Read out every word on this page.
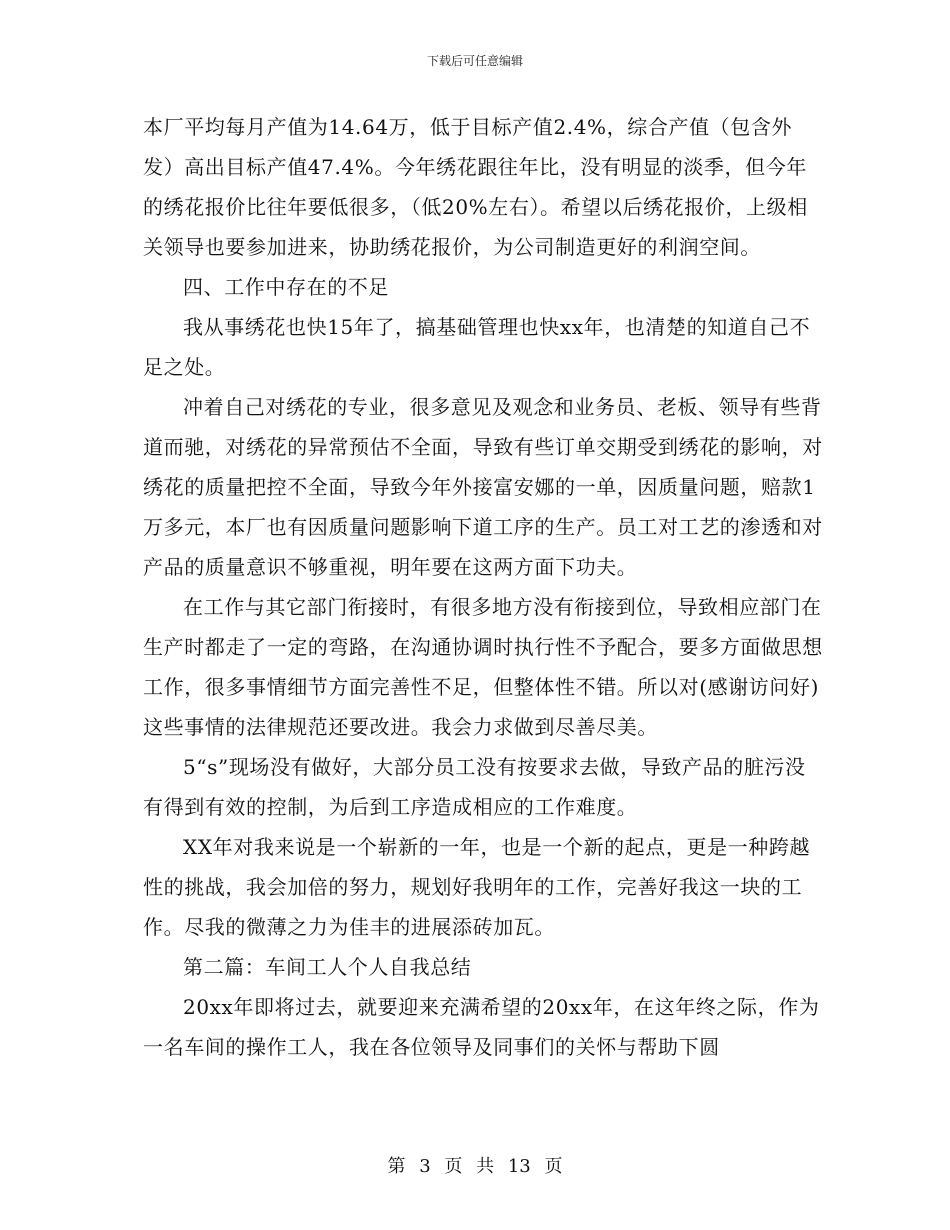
下载后可任意编辑

本厂平均每月产值为14.64万，低于目标产值2.4%，综合产值（包含外发）高出目标产值47.4%。今年绣花跟往年比，没有明显的淡季，但今年的绣花报价比往年要低很多，（低20%左右）。希望以后绣花报价，上级相关领导也要参加进来，协助绣花报价，为公司制造更好的利润空间。

四、工作中存在的不足

我从事绣花也快15年了，搞基础管理也快xx年，也清楚的知道自己不足之处。

冲着自己对绣花的专业，很多意见及观念和业务员、老板、领导有些背道而驰，对绣花的异常预估不全面，导致有些订单交期受到绣花的影响，对绣花的质量把控不全面，导致今年外接富安娜的一单，因质量问题，赔款1万多元，本厂也有因质量问题影响下道工序的生产。员工对工艺的渗透和对产品的质量意识不够重视，明年要在这两方面下功夫。

在工作与其它部门衔接时，有很多地方没有衔接到位，导致相应部门在生产时都走了一定的弯路，在沟通协调时执行性不予配合，要多方面做思想工作，很多事情细节方面完善性不足，但整体性不错。所以对(感谢访问好)这些事情的法律规范还要改进。我会力求做到尽善尽美。

5“s”现场没有做好，大部分员工没有按要求去做，导致产品的脏污没有得到有效的控制，为后到工序造成相应的工作难度。

XX年对我来说是一个崭新的一年，也是一个新的起点，更是一种跨越性的挑战，我会加倍的努力，规划好我明年的工作，完善好我这一块的工作。尽我的微薄之力为佳丰的进展添砖加瓦。

第二篇：车间工人个人自我总结

20xx年即将过去，就要迎来充满希望的20xx年，在这年终之际，作为一名车间的操作工人，我在各位领导及同事们的关怀与帮助下圆

第 3 页 共 13 页
